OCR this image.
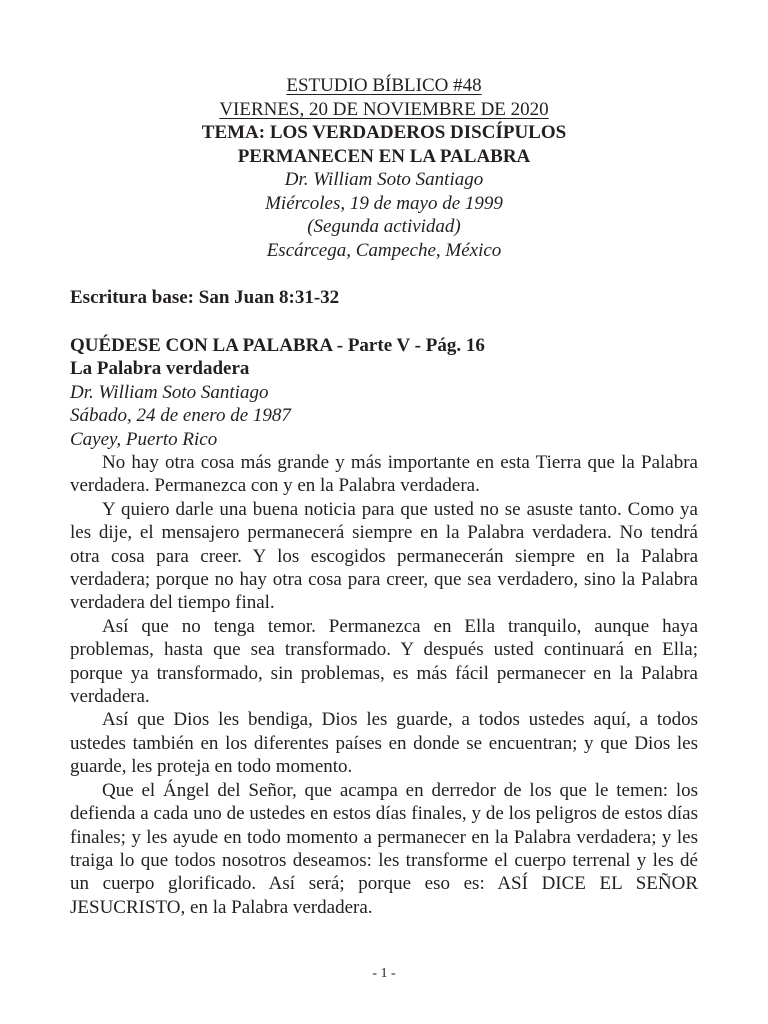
ESTUDIO BÍBLICO #48
VIERNES, 20 DE NOVIEMBRE DE 2020
TEMA: LOS VERDADEROS DISCÍPULOS
PERMANECEN EN LA PALABRA
Dr. William Soto Santiago
Miércoles, 19 de mayo de 1999
(Segunda actividad)
Escárcega, Campeche, México
Escritura base: San Juan 8:31-32
QUÉDESE CON LA PALABRA - Parte V - Pág. 16
La Palabra verdadera
Dr. William Soto Santiago
Sábado, 24 de enero de 1987
Cayey, Puerto Rico

No hay otra cosa más grande y más importante en esta Tierra que la Palabra verdadera. Permanezca con y en la Palabra verdadera.

Y quiero darle una buena noticia para que usted no se asuste tanto. Como ya les dije, el mensajero permanecerá siempre en la Palabra verdadera. No tendrá otra cosa para creer. Y los escogidos permanecerán siempre en la Palabra verdadera; porque no hay otra cosa para creer, que sea verdadero, sino la Palabra verdadera del tiempo final.

Así que no tenga temor. Permanezca en Ella tranquilo, aunque haya problemas, hasta que sea transformado. Y después usted continuará en Ella; porque ya transformado, sin problemas, es más fácil permanecer en la Palabra verdadera.

Así que Dios les bendiga, Dios les guarde, a todos ustedes aquí, a todos ustedes también en los diferentes países en donde se encuentran; y que Dios les guarde, les proteja en todo momento.

Que el Ángel del Señor, que acampa en derredor de los que le temen: los defienda a cada uno de ustedes en estos días finales, y de los peligros de estos días finales; y les ayude en todo momento a permanecer en la Palabra verdadera; y les traiga lo que todos nosotros deseamos: les transforme el cuerpo terrenal y les dé un cuerpo glorificado. Así será; porque eso es: ASÍ DICE EL SEÑOR JESUCRISTO, en la Palabra verdadera.

- 1 -
